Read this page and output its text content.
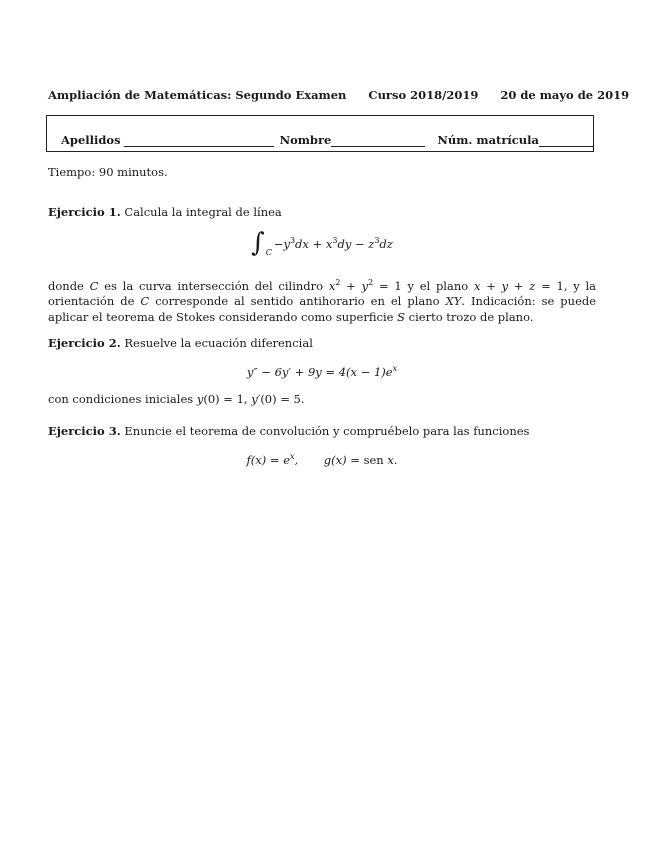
Ampliación de Matemáticas: Segundo Examen Curso 2018/2019 20 de mayo de 2019
Apellidos	Nombre	Núm. matrícula
Tiempo: 90 minutos.
Ejercicio 1. Calcula la integral de línea
∫ C
$-y^3dx + x^3dy - z^3dz$
donde C es la curva intersección del cilindro $x^2 + y^2 = 1$ y el plano x + y + z = 1, y la orientación de C corresponde al sentido antihorario en el plano XY. Indicación: se puede aplicar el teorema de Stokes considerando como superficie S cierto trozo de plano.
Ejercicio 2. Resuelve la ecuación diferencial
$y'' - 6y' + 9y = 4(x - 1)e^x$
con condiciones iniciales y(0) = 1, y′(0) = 5.
Ejercicio 3. Enuncie el teorema de convolución y compruébelo para las funciones
$f(x) = e^x$,       g(x) = sen x.
